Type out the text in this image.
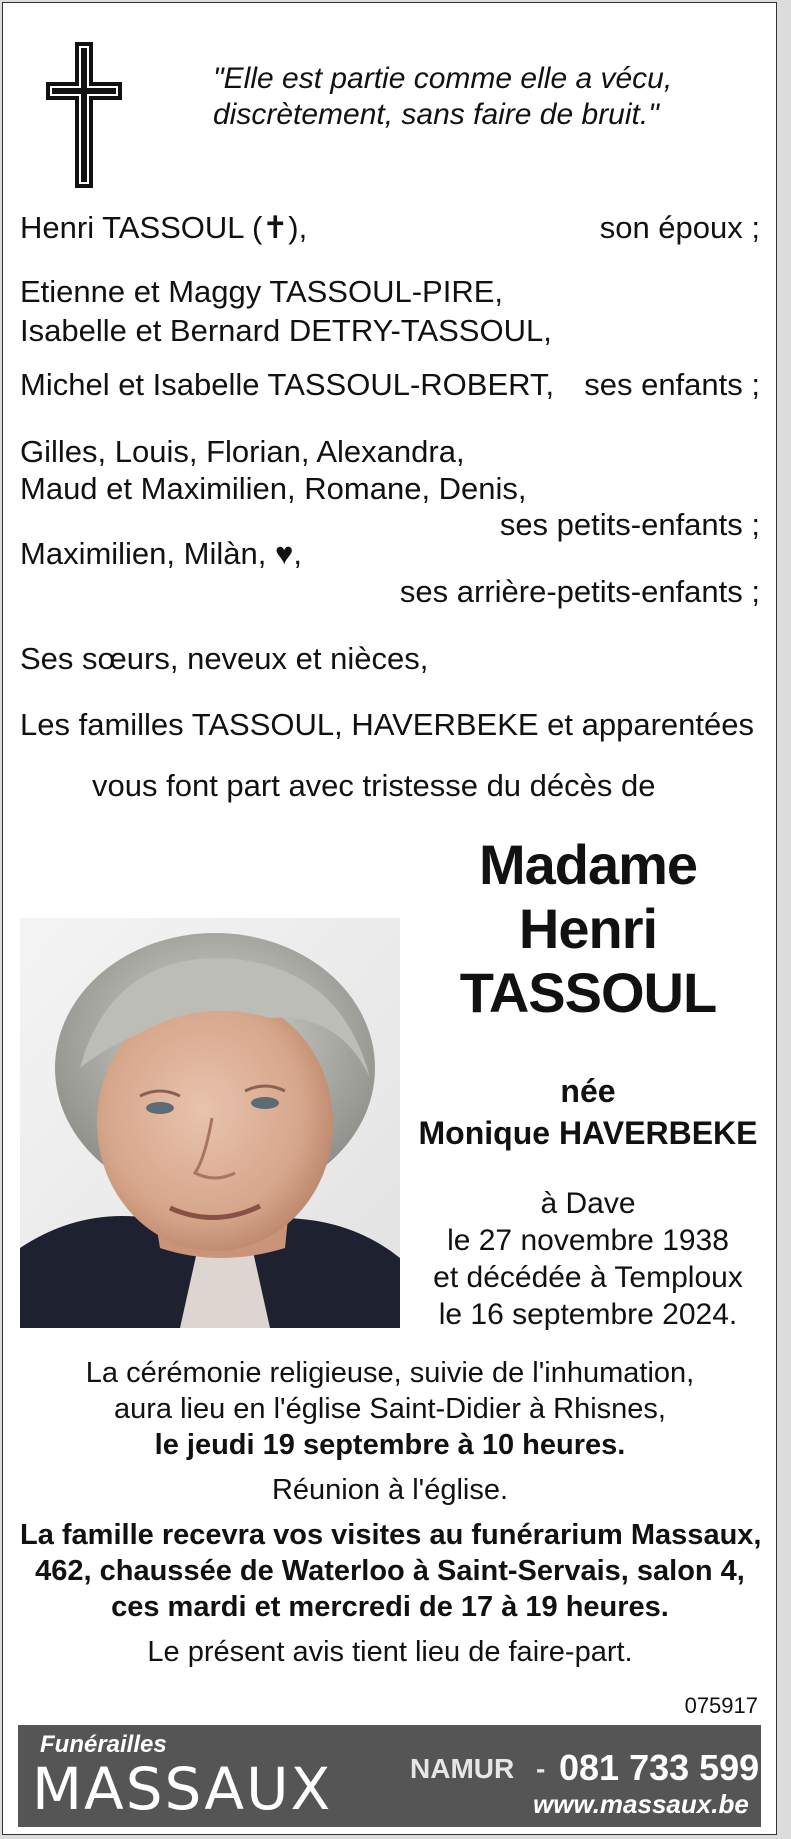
"Elle est partie comme elle a vécu,
discrètement, sans faire de bruit."
Henri TASSOUL (✝),	son époux ;
Etienne et Maggy TASSOUL-PIRE,
Isabelle et Bernard DETRY-TASSOUL,
Michel et Isabelle TASSOUL-ROBERT, ses enfants ;
Gilles, Louis, Florian, Alexandra,
Maud et Maximilien, Romane, Denis,
ses petits-enfants ;
Maximilien, Milàn, ♥,
ses arrière-petits-enfants ;
Ses sœurs, neveux et nièces,
Les familles TASSOUL, HAVERBEKE et apparentées
vous font part avec tristesse du décès de
Madame
Henri
TASSOUL
née
Monique HAVERBEKE
à Dave
le 27 novembre 1938
et décédée à Temploux
le 16 septembre 2024.
La cérémonie religieuse, suivie de l'inhumation,
aura lieu en l'église Saint-Didier à Rhisnes,
le jeudi 19 septembre à 10 heures.
Réunion à l'église.
La famille recevra vos visites au funérarium Massaux,
462, chaussée de Waterloo à Saint-Servais, salon 4,
ces mardi et mercredi de 17 à 19 heures.
Le présent avis tient lieu de faire-part.
075917
Funérailles
MASSAUX	NAMUR - 081 733 599
www.massaux.be
